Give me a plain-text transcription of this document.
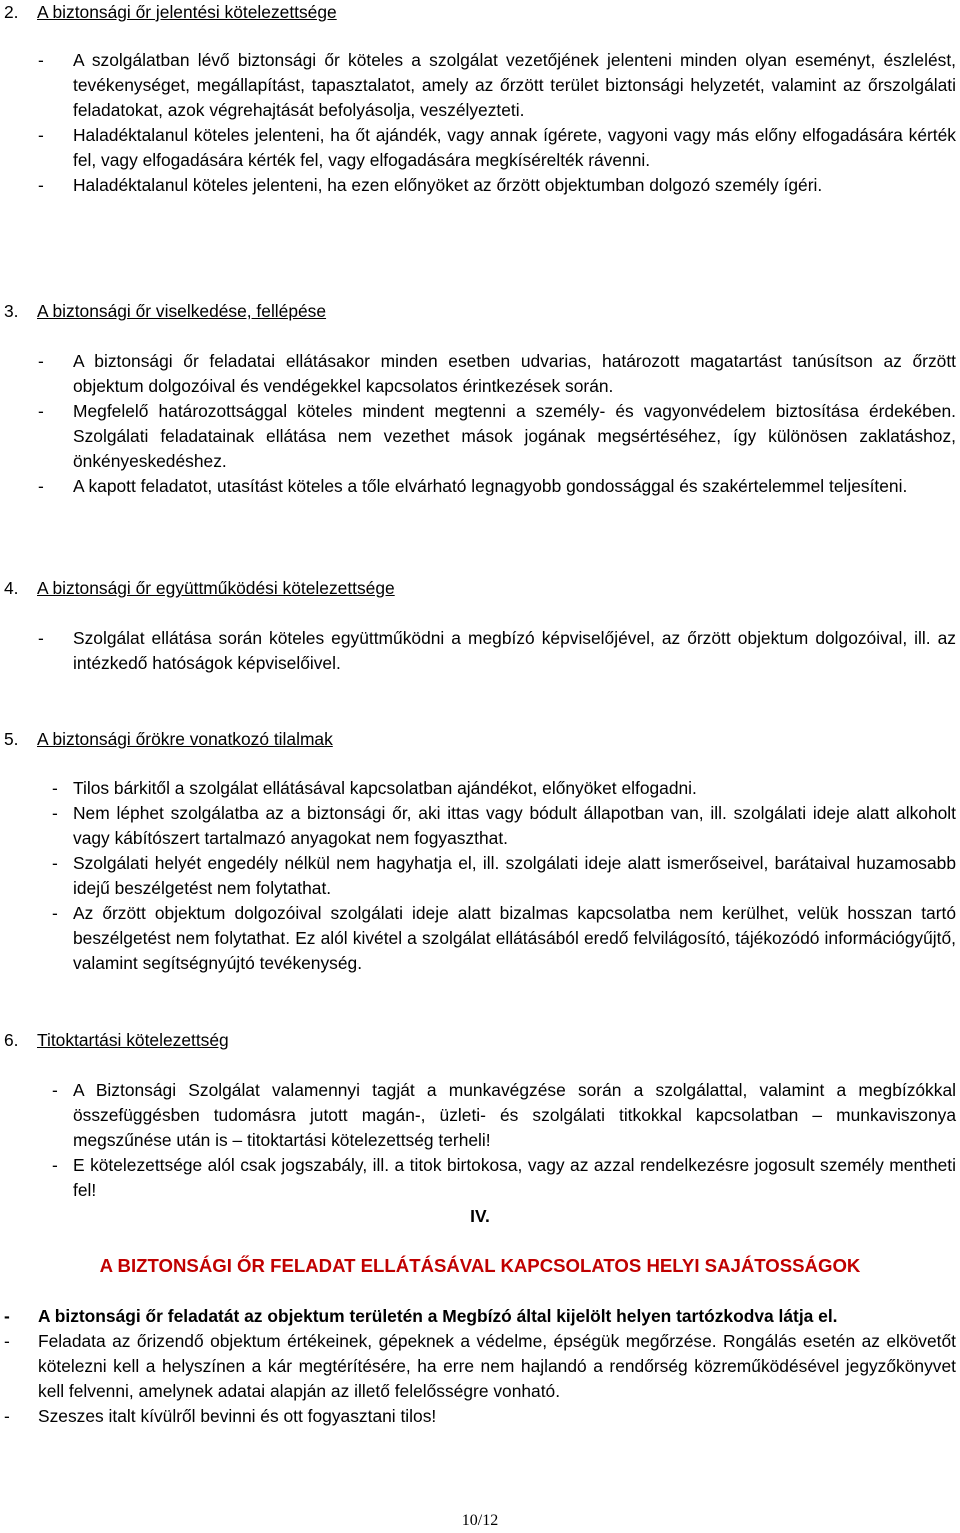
2. A biztonsági őr jelentési kötelezettsége
- A szolgálatban lévő biztonsági őr köteles a szolgálat vezetőjének jelenteni minden olyan eseményt, észlelést, tevékenységet, megállapítást, tapasztalatot, amely az őrzött terület biztonsági helyzetét, valamint az őrszolgálati feladatokat, azok végrehajtását befolyásolja, veszélyezteti.
- Haladéktalanul köteles jelenteni, ha őt ajándék, vagy annak ígérete, vagyoni vagy más előny elfogadására kérték fel, vagy elfogadására kérték fel, vagy elfogadására megkísérelték rávenni.
- Haladéktalanul köteles jelenteni, ha ezen előnyöket az őrzött objektumban dolgozó személy ígéri.
3. A biztonsági őr viselkedése, fellépése
- A biztonsági őr feladatai ellátásakor minden esetben udvarias, határozott magatartást tanúsítson az őrzött objektum dolgozóival és vendégekkel kapcsolatos érintkezések során.
- Megfelelő határozottsággal köteles mindent megtenni a személy- és vagyonvédelem biztosítása érdekében. Szolgálati feladatainak ellátása nem vezethet mások jogának megsértéséhez, így különösen zaklatáshoz, önkényeskedéshez.
- A kapott feladatot, utasítást köteles a tőle elvárható legnagyobb gondossággal és szakértelemmel teljesíteni.
4. A biztonsági őr együttműködési kötelezettsége
- Szolgálat ellátása során köteles együttműködni a megbízó képviselőjével, az őrzött objektum dolgozóival, ill. az intézkedő hatóságok képviselőivel.
5. A biztonsági őrökre vonatkozó tilalmak
- Tilos bárkitől a szolgálat ellátásával kapcsolatban ajándékot, előnyöket elfogadni.
- Nem léphet szolgálatba az a biztonsági őr, aki ittas vagy bódult állapotban van, ill. szolgálati ideje alatt alkoholt vagy kábítószert tartalmazó anyagokat nem fogyaszthat.
- Szolgálati helyét engedély nélkül nem hagyhatja el, ill. szolgálati ideje alatt ismerőseivel, barátaival huzamosabb idejű beszélgetést nem folytathat.
- Az őrzött objektum dolgozóival szolgálati ideje alatt bizalmas kapcsolatba nem kerülhet, velük hosszan tartó beszélgetést nem folytathat. Ez alól kivétel a szolgálat ellátásából eredő felvilágosító, tájékozódó információgyűjtő, valamint segítségnyújtó tevékenység.
6. Titoktartási kötelezettség
- A Biztonsági Szolgálat valamennyi tagját a munkavégzése során a szolgálattal, valamint a megbízókkal összefüggésben tudomásra jutott magán-, üzleti- és szolgálati titkokkal kapcsolatban – munkaviszonya megszűnése után is – titoktartási kötelezettség terheli!
- E kötelezettsége alól csak jogszabály, ill. a titok birtokosa, vagy az azzal rendelkezésre jogosult személy mentheti fel!
IV.
A BIZTONSÁGI ŐR FELADAT ELLÁTÁSÁVAL KAPCSOLATOS HELYI SAJÁTOSSÁGOK
- A biztonsági őr feladatát az objektum területén a Megbízó által kijelölt helyen tartózkodva látja el.
- Feladata az őrizendő objektum értékeinek, gépeknek a védelme, épségük megőrzése. Rongálás esetén az elkövetőt kötelezni kell a helyszínen a kár megtérítésére, ha erre nem hajlandó a rendőrség közreműködésével jegyzőkönyvet kell felvenni, amelynek adatai alapján az illető felelősségre vonható.
- Szeszes italt kívülről bevinni és ott fogyasztani tilos!
10/12
